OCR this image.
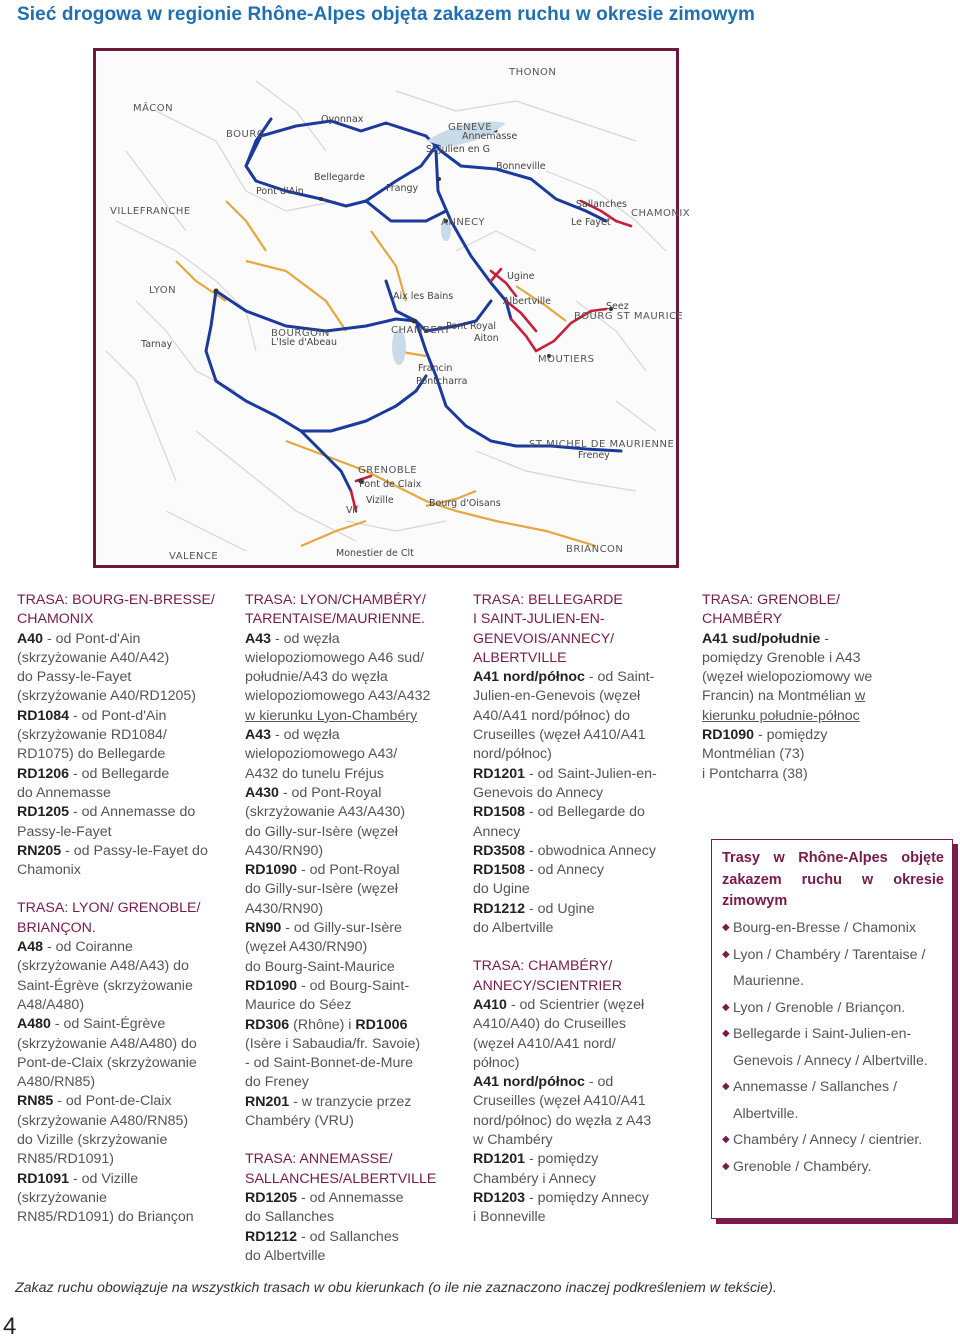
Sieć drogowa w regionie Rhône-Alpes objęta zakazem ruchu w okresie zimowym
THONON
MÂCON
Oyonnax
BOURG
GENEVE
Annemasse
St Julien en G
Bellegarde
Pont d'Ain	Frangy
Bonneville
VILLEFRANCHE
ANNECY
Sallanches
CHAMONIX
Le Fayet
Ugine
LYON
Aix les Bains	Albertville	Seez
BOURG ST MAURICE
BOURGOIN
L'Isle d'Abeau
Tarnay
CHAMBERY
Pont Royal
Aiton
MOUTIERS
Francin
Pontcharra
ST MICHEL DE MAURIENNE
Freney
GRENOBLE
Pont de Claix
Vizille
Vif
Bourg d'Oisans
VALENCE	Monestier de Clt	BRIANCON
TRASA: BOURG-EN-BRESSE/
CHAMONIX
A40 - od Pont-d'Ain
(skrzyżowanie A40/A42)
do Passy-le-Fayet
(skrzyżowanie A40/RD1205)
RD1084 - od Pont-d'Ain
(skrzyżowanie RD1084/
RD1075) do Bellegarde
RD1206 - od Bellegarde
do Annemasse
RD1205 - od Annemasse do
Passy-le-Fayet
RN205 - od Passy-le-Fayet do
Chamonix
TRASA: LYON/ GRENOBLE/
BRIANÇON.
A48 - od Coiranne
(skrzyżowanie A48/A43) do
Saint-Égrève (skrzyżowanie
A48/A480)
A480 - od Saint-Égrève
(skrzyżowanie A48/A480) do
Pont-de-Claix (skrzyżowanie
A480/RN85)
RN85 - od Pont-de-Claix
(skrzyżowanie A480/RN85)
do Vizille (skrzyżowanie
RN85/RD1091)
RD1091 - od Vizille
(skrzyżowanie
RN85/RD1091) do Briançon
TRASA: LYON/CHAMBÉRY/
TARENTAISE/MAURIENNE.
A43 - od węzła
wielopoziomowego A46 sud/
południe/A43 do węzła
wielopoziomowego A43/A432
w kierunku Lyon-Chambéry
A43 - od węzła
wielopoziomowego A43/
A432 do tunelu Fréjus
A430 - od Pont-Royal
(skrzyżowanie A43/A430)
do Gilly-sur-Isère (węzeł
A430/RN90)
RD1090 - od Pont-Royal
do Gilly-sur-Isère (węzeł
A430/RN90)
RN90 - od Gilly-sur-Isère
(węzeł A430/RN90)
do Bourg-Saint-Maurice
RD1090 - od Bourg-Saint-
Maurice do Séez
RD306 (Rhône) i RD1006
(Isère i Sabaudia/fr. Savoie)
- od Saint-Bonnet-de-Mure
do Freney
RN201 - w tranzycie przez
Chambéry (VRU)
TRASA: ANNEMASSE/
SALLANCHES/ALBERTVILLE
RD1205 - od Annemasse
do Sallanches
RD1212 - od Sallanches
do Albertville
TRASA: BELLEGARDE
I SAINT-JULIEN-EN-
GENEVOIS/ANNECY/
ALBERTVILLE
A41 nord/północ - od Saint-
Julien-en-Genevois (węzeł
A40/A41 nord/północ) do
Cruseilles (węzeł A410/A41
nord/północ)
RD1201 - od Saint-Julien-en-
Genevois do Annecy
RD1508 - od Bellegarde do
Annecy
RD3508 - obwodnica Annecy
RD1508 - od Annecy
do Ugine
RD1212 - od Ugine
do Albertville
TRASA: CHAMBÉRY/
ANNECY/SCIENTRIER
A410 - od Scientrier (węzeł
A410/A40) do Cruseilles
(węzeł A410/A41 nord/
północ)
A41 nord/północ - od
Cruseilles (węzeł A410/A41
nord/północ) do węzła z A43
w Chambéry
RD1201 - pomiędzy
Chambéry i Annecy
RD1203 - pomiędzy Annecy
i Bonneville
TRASA: GRENOBLE/
CHAMBÉRY
A41 sud/południe -
pomiędzy Grenoble i A43
(węzeł wielopoziomowy we
Francin) na Montmélian w
kierunku południe-północ
RD1090 - pomiędzy
Montmélian (73)
i Pontcharra (38)
Trasy w Rhône-Alpes objęte zakazem ruchu w okresie zimowym
◆ Bourg-en-Bresse / Chamonix
◆ Lyon / Chambéry / Tarentaise / Maurienne.
◆ Lyon / Grenoble / Briançon.
◆ Bellegarde i Saint-Julien-en-Genevois / Annecy / Albertville.
◆ Annemasse / Sallanches / Albertville.
◆ Chambéry / Annecy / cientrier.
◆ Grenoble / Chambéry.
Zakaz ruchu obowiązuje na wszystkich trasach w obu kierunkach (o ile nie zaznaczono inaczej podkreśleniem w tekście).
4
